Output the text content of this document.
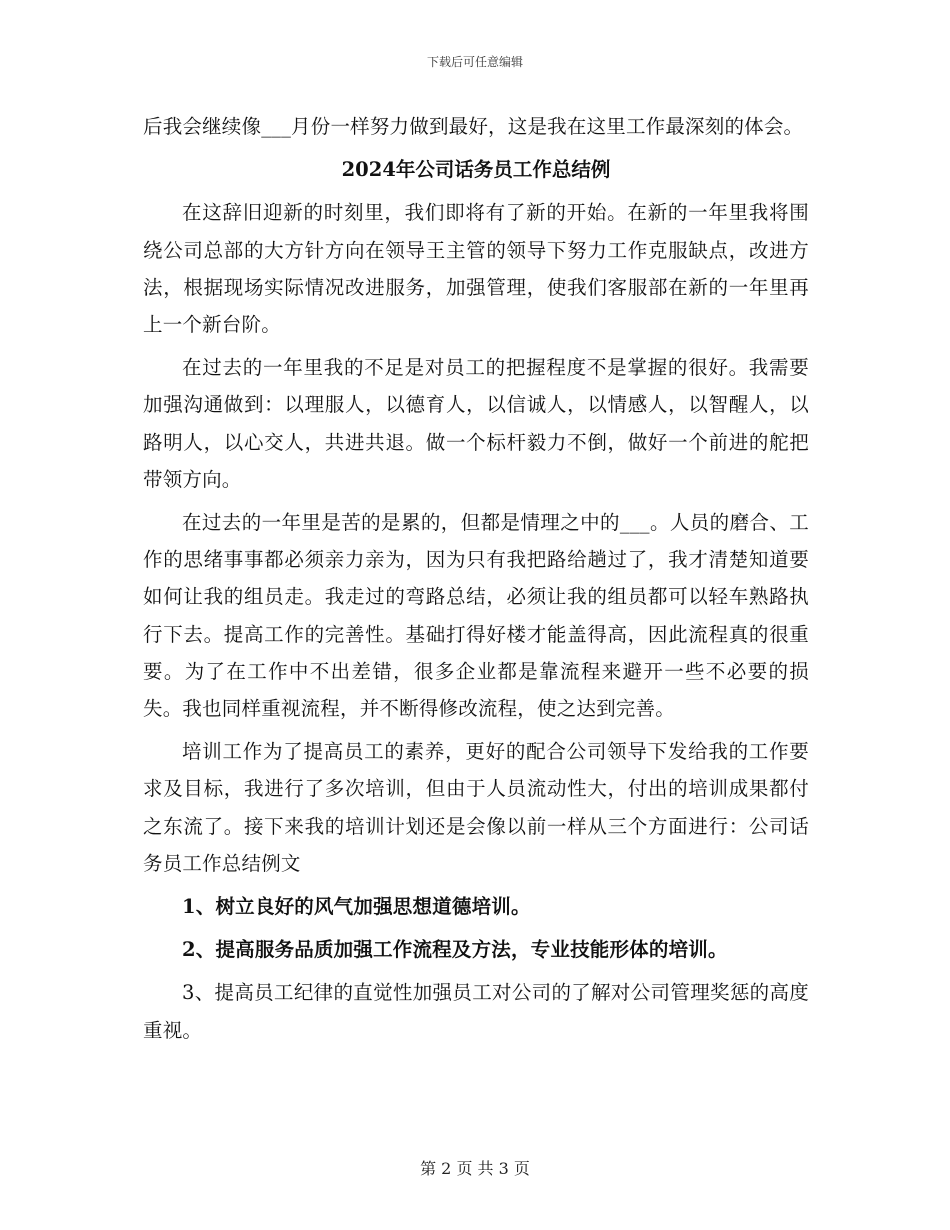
下载后可任意编辑

后我会继续像___月份一样努力做到最好，这是我在这里工作最深刻的体会。

2024年公司话务员工作总结例

在这辞旧迎新的时刻里，我们即将有了新的开始。在新的一年里我将围绕公司总部的大方针方向在领导王主管的领导下努力工作克服缺点，改进方法，根据现场实际情况改进服务，加强管理，使我们客服部在新的一年里再上一个新台阶。

在过去的一年里我的不足是对员工的把握程度不是掌握的很好。我需要加强沟通做到：以理服人，以德育人，以信诚人，以情感人，以智醒人，以路明人，以心交人，共进共退。做一个标杆毅力不倒，做好一个前进的舵把带领方向。

在过去的一年里是苦的是累的，但都是情理之中的___。人员的磨合、工作的思绪事事都必须亲力亲为，因为只有我把路给趟过了，我才清楚知道要如何让我的组员走。我走过的弯路总结，必须让我的组员都可以轻车熟路执行下去。提高工作的完善性。基础打得好楼才能盖得高，因此流程真的很重要。为了在工作中不出差错，很多企业都是靠流程来避开一些不必要的损失。我也同样重视流程，并不断得修改流程，使之达到完善。

培训工作为了提高员工的素养，更好的配合公司领导下发给我的工作要求及目标，我进行了多次培训，但由于人员流动性大，付出的培训成果都付之东流了。接下来我的培训计划还是会像以前一样从三个方面进行：公司话务员工作总结例文

1、树立良好的风气加强思想道德培训。

2、提高服务品质加强工作流程及方法，专业技能形体的培训。

3、提高员工纪律的直觉性加强员工对公司的了解对公司管理奖惩的高度重视。

第 2 页 共 3 页
